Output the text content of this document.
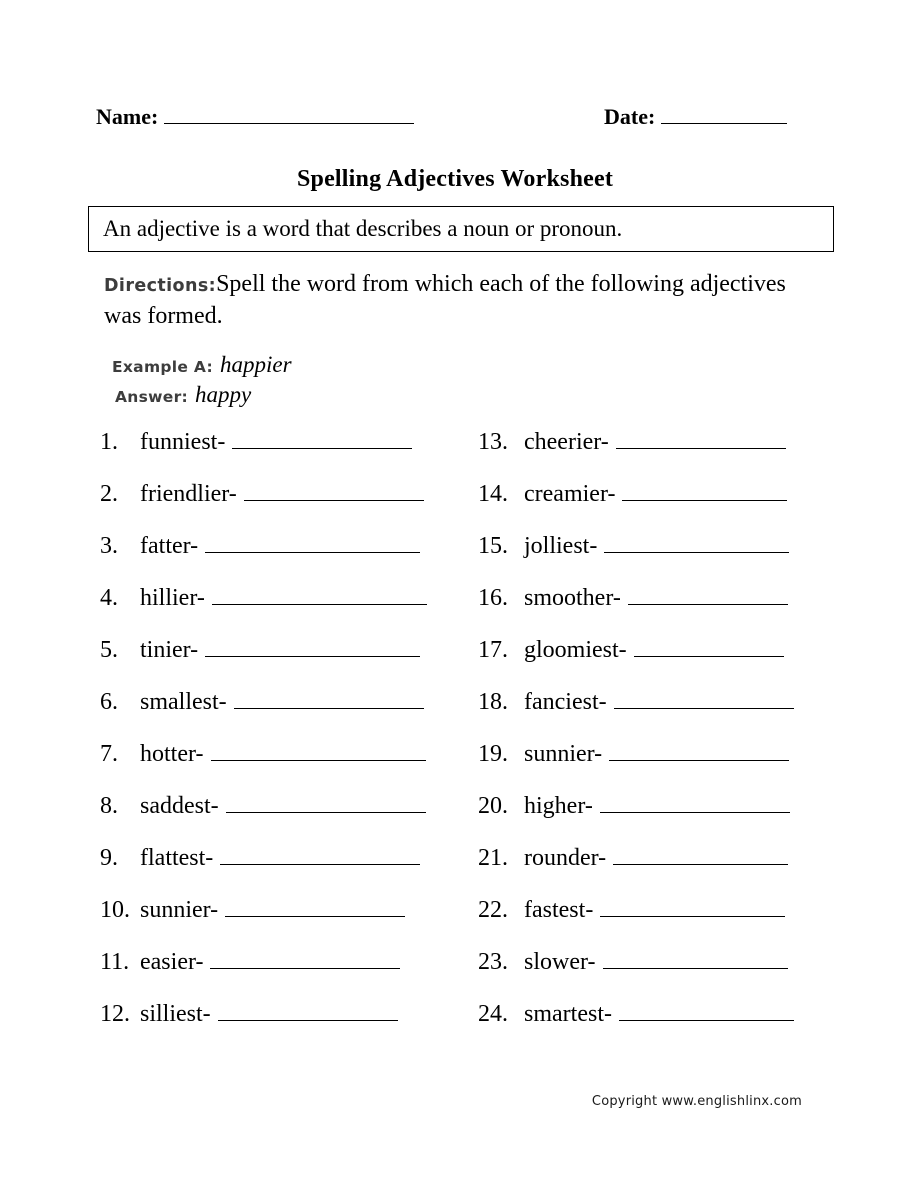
Name:	Date:
Spelling Adjectives Worksheet
An adjective is a word that describes a noun or pronoun.
Directions:Spell the word from which each of the following adjectives was formed.
Example A: happier
Answer: happy
1. funniest-
2. friendlier-
3. fatter-
4. hillier-
5. tinier-
6. smallest-
7. hotter-
8. saddest-
9. flattest-
10. sunnier-
11. easier-
12. silliest-
13. cheerier-
14. creamier-
15. jolliest-
16. smoother-
17. gloomiest-
18. fanciest-
19. sunnier-
20. higher-
21. rounder-
22. fastest-
23. slower-
24. smartest-
Copyright www.englishlinx.com
